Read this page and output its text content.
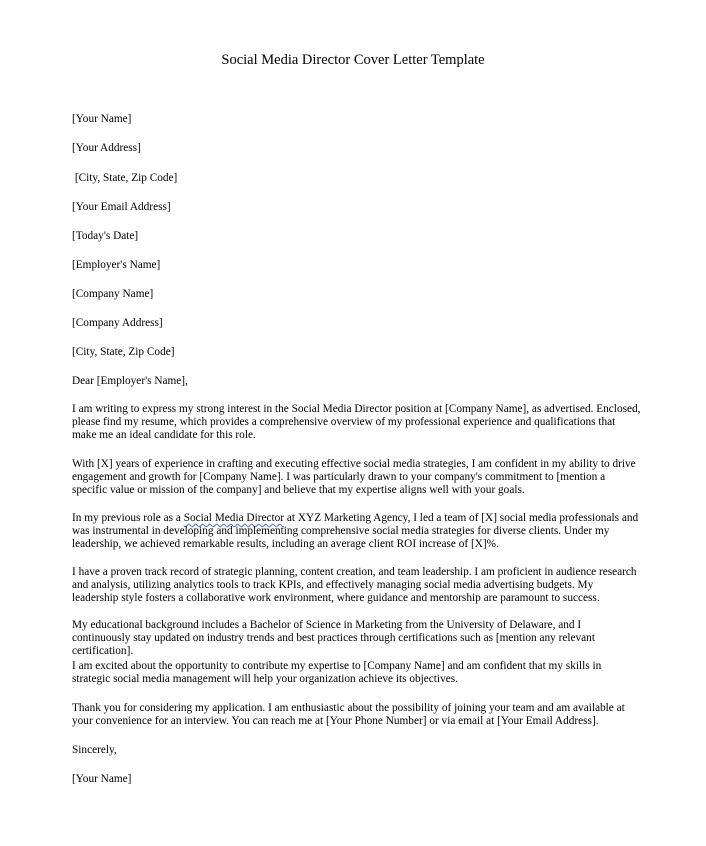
Social Media Director Cover Letter Template
[Your Name]
[Your Address]
[City, State, Zip Code]
[Your Email Address]
[Today's Date]
[Employer's Name]
[Company Name]
[Company Address]
[City, State, Zip Code]
Dear [Employer's Name],
I am writing to express my strong interest in the Social Media Director position at [Company Name], as advertised. Enclosed, please find my resume, which provides a comprehensive overview of my professional experience and qualifications that make me an ideal candidate for this role.
With [X] years of experience in crafting and executing effective social media strategies, I am confident in my ability to drive engagement and growth for [Company Name]. I was particularly drawn to your company's commitment to [mention a specific value or mission of the company] and believe that my expertise aligns well with your goals.
In my previous role as a Social Media Director at XYZ Marketing Agency, I led a team of [X] social media professionals and was instrumental in developing and implementing comprehensive social media strategies for diverse clients. Under my leadership, we achieved remarkable results, including an average client ROI increase of [X]%.
I have a proven track record of strategic planning, content creation, and team leadership. I am proficient in audience research and analysis, utilizing analytics tools to track KPIs, and effectively managing social media advertising budgets. My leadership style fosters a collaborative work environment, where guidance and mentorship are paramount to success.
My educational background includes a Bachelor of Science in Marketing from the University of Delaware, and I continuously stay updated on industry trends and best practices through certifications such as [mention any relevant certification].
I am excited about the opportunity to contribute my expertise to [Company Name] and am confident that my skills in strategic social media management will help your organization achieve its objectives.
Thank you for considering my application. I am enthusiastic about the possibility of joining your team and am available at your convenience for an interview. You can reach me at [Your Phone Number] or via email at [Your Email Address].
Sincerely,
[Your Name]
